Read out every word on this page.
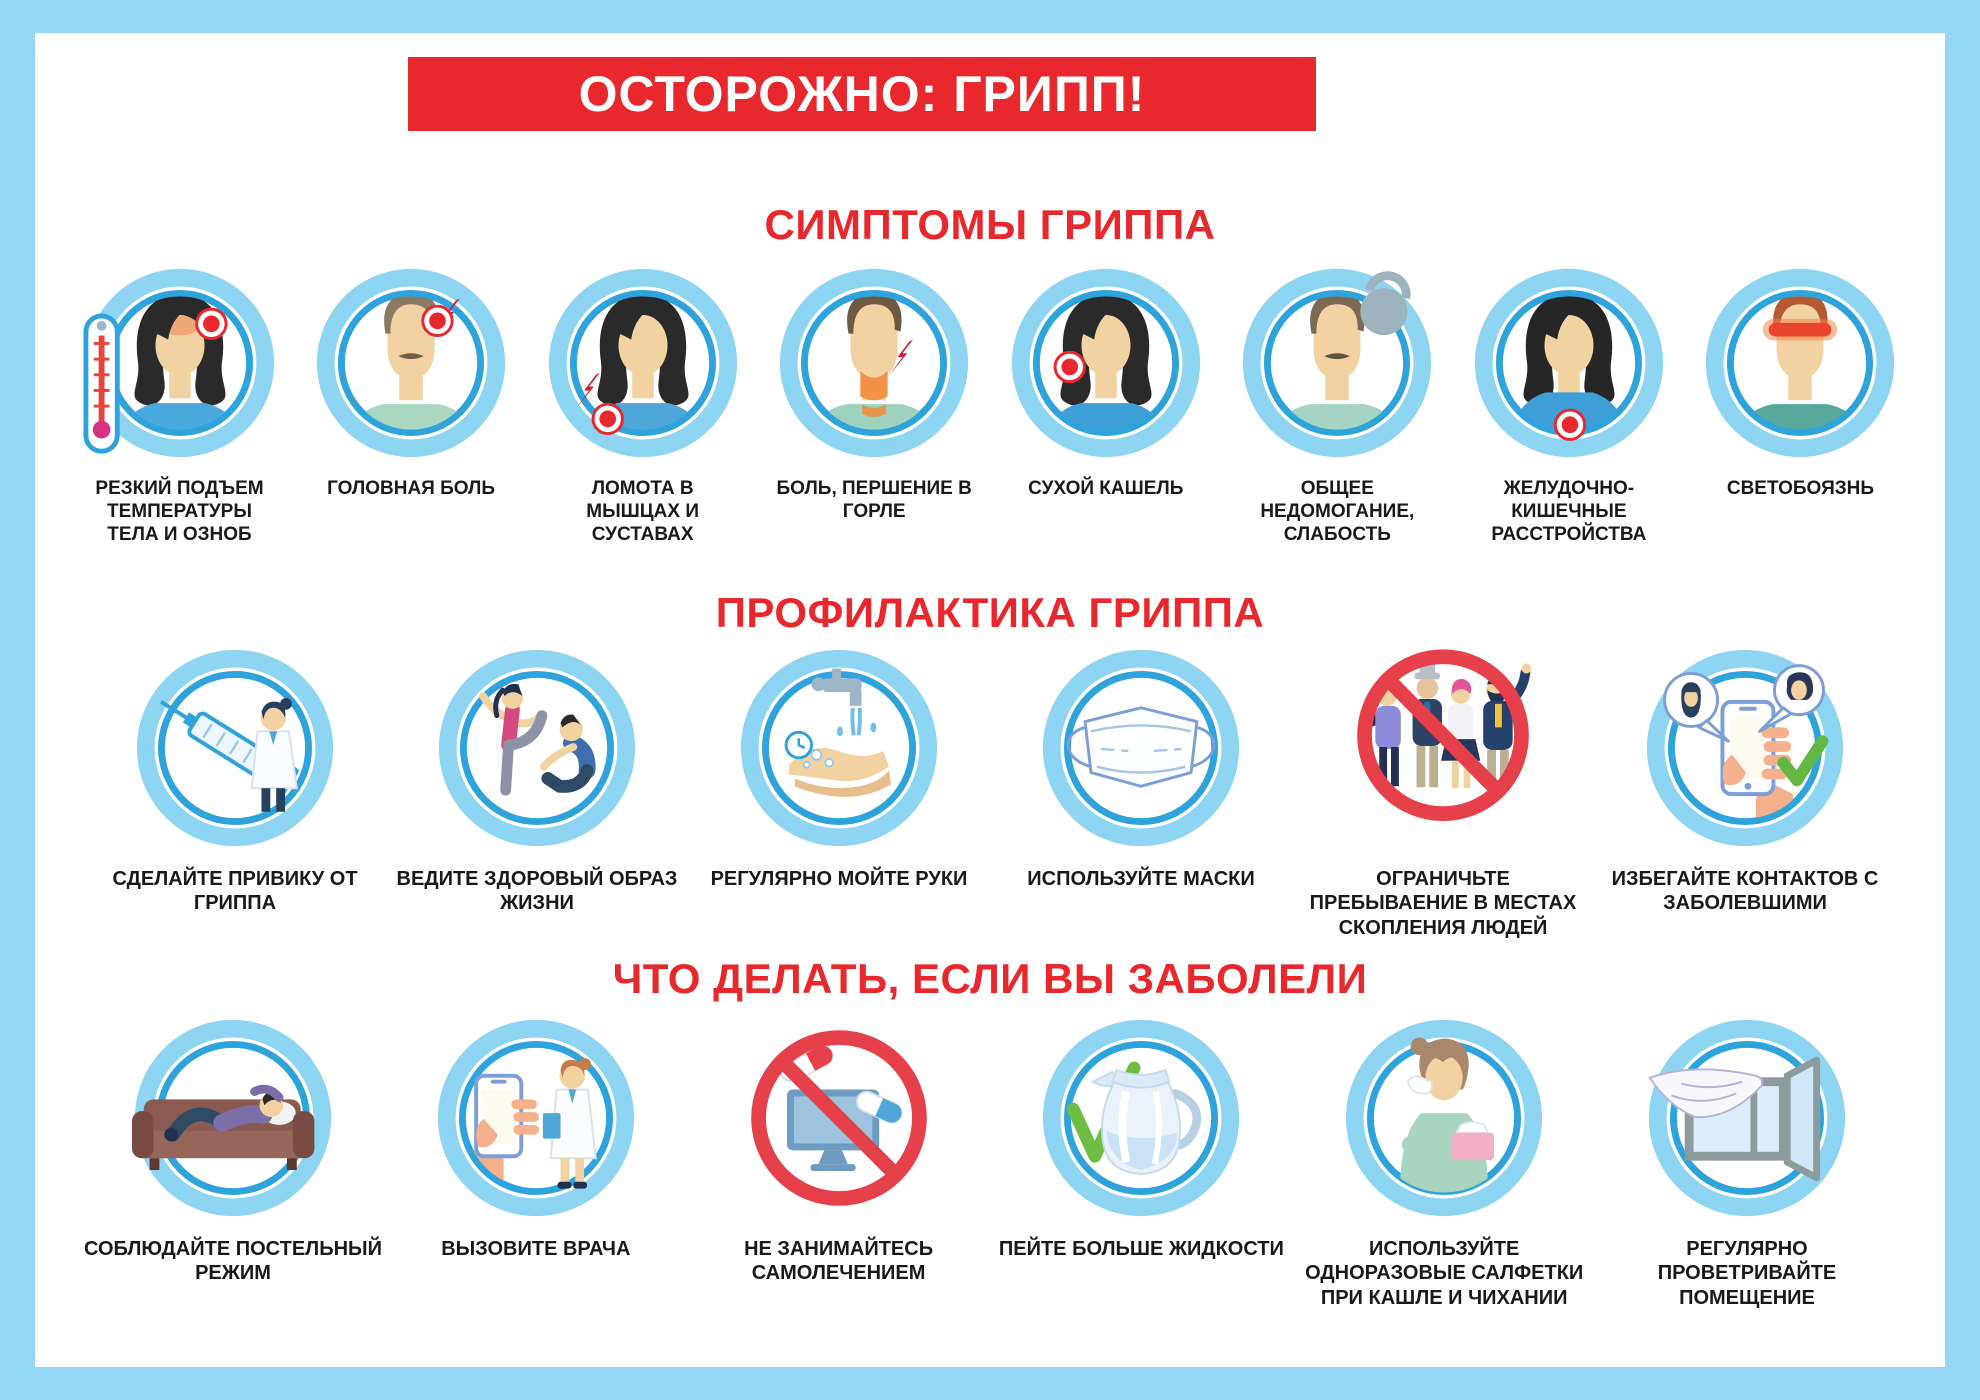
ОСТОРОЖНО: ГРИПП!
СИМПТОМЫ ГРИППА
РЕЗКИЙ ПОДЪЕМ ТЕМПЕРАТУРЫ ТЕЛА И ОЗНОБ
ГОЛОВНАЯ БОЛЬ	ЛОМОТА В МЫШЦАХ И СУСТАВАХ
БОЛЬ, ПЕРШЕНИЕ В ГОРЛЕ
СУХОЙ КАШЕЛЬ	ОБЩЕЕ НЕДОМОГАНИЕ, СЛАБОСТЬ
ЖЕЛУДОЧНО-КИШЕЧНЫЕ РАССТРОЙСТВА
СВЕТОБОЯЗНЬ
ПРОФИЛАКТИКА ГРИППА
СДЕЛАЙТЕ ПРИВИКУ ОТ ГРИППА
ВЕДИТЕ ЗДОРОВЫЙ ОБРАЗ ЖИЗНИ
РЕГУЛЯРНО МОЙТЕ РУКИ	ИСПОЛЬЗУЙТЕ МАСКИ	ОГРАНИЧЬТЕ ПРЕБЫВАЕНИЕ В МЕСТАХ СКОПЛЕНИЯ ЛЮДЕЙ
ИЗБЕГАЙТЕ КОНТАКТОВ С ЗАБОЛЕВШИМИ
ЧТО ДЕЛАТЬ, ЕСЛИ ВЫ ЗАБОЛЕЛИ
СОБЛЮДАЙТЕ ПОСТЕЛЬНЫЙ РЕЖИМ
ВЫЗОВИТЕ ВРАЧА	НЕ ЗАНИМАЙТЕСЬ САМОЛЕЧЕНИЕМ
ПЕЙТЕ БОЛЬШЕ ЖИДКОСТИ	ИСПОЛЬЗУЙТЕ ОДНОРАЗОВЫЕ САЛФЕТКИ ПРИ КАШЛЕ И ЧИХАНИИ
РЕГУЛЯРНО ПРОВЕТРИВАЙТЕ ПОМЕЩЕНИЕ
